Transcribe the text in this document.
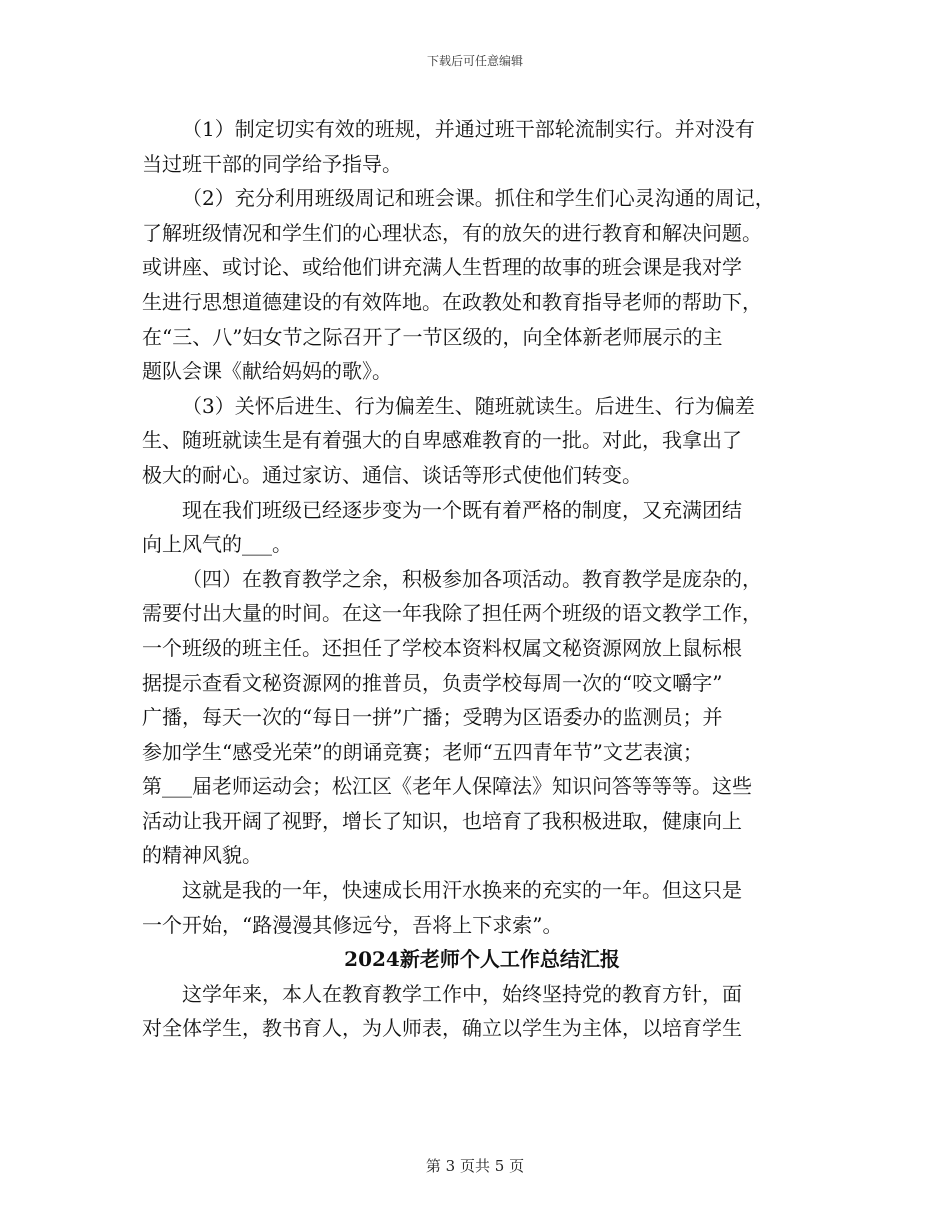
下载后可任意编辑
（1）制定切实有效的班规，并通过班干部轮流制实行。并对没有
当过班干部的同学给予指导。
（2）充分利用班级周记和班会课。抓住和学生们心灵沟通的周记，
了解班级情况和学生们的心理状态，有的放矢的进行教育和解决问题。
或讲座、或讨论、或给他们讲充满人生哲理的故事的班会课是我对学
生进行思想道德建设的有效阵地。在政教处和教育指导老师的帮助下，
在“三、八”妇女节之际召开了一节区级的，向全体新老师展示的主
题队会课《献给妈妈的歌》。
（3）关怀后进生、行为偏差生、随班就读生。后进生、行为偏差
生、随班就读生是有着强大的自卑感难教育的一批。对此，我拿出了
极大的耐心。通过家访、通信、谈话等形式使他们转变。
现在我们班级已经逐步变为一个既有着严格的制度，又充满团结
向上风气的___。
（四）在教育教学之余，积极参加各项活动。教育教学是庞杂的，
需要付出大量的时间。在这一年我除了担任两个班级的语文教学工作，
一个班级的班主任。还担任了学校本资料权属文秘资源网放上鼠标根
据提示查看文秘资源网的推普员，负责学校每周一次的“咬文嚼字”
广播，每天一次的“每日一拼”广播；受聘为区语委办的监测员；并
参加学生“感受光荣”的朗诵竞赛；老师“五四青年节”文艺表演；
第___届老师运动会；松江区《老年人保障法》知识问答等等等。这些
活动让我开阔了视野，增长了知识，也培育了我积极进取，健康向上
的精神风貌。
这就是我的一年，快速成长用汗水换来的充实的一年。但这只是
一个开始，“路漫漫其修远兮，吾将上下求索”。
2024新老师个人工作总结汇报
这学年来，本人在教育教学工作中，始终坚持党的教育方针，面
对全体学生，教书育人，为人师表，确立以学生为主体，以培育学生
第 3 页共 5 页
